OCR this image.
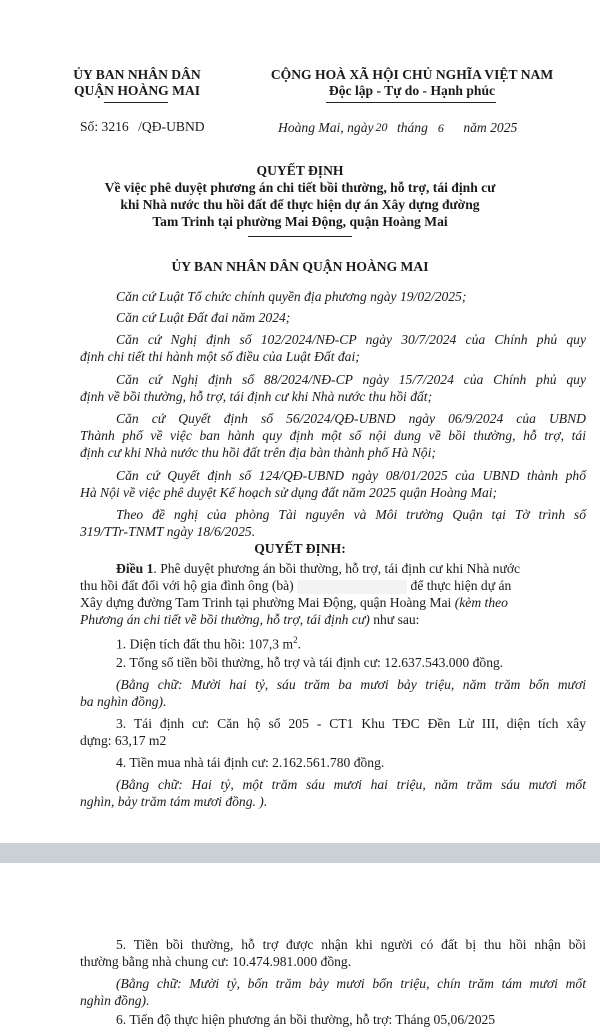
ỦY BAN NHÂN DÂN
QUẬN HOÀNG MAI
CỘNG HOÀ XÃ HỘI CHỦ NGHĨA VIỆT NAM
Độc lập - Tự do - Hạnh phúc
Số: 3216 /QĐ-UBND	Hoàng Mai, ngày 20 tháng 6 năm 2025
QUYẾT ĐỊNH
Về việc phê duyệt phương án chi tiết bồi thường, hỗ trợ, tái định cư
khi Nhà nước thu hồi đất để thực hiện dự án Xây dựng đường
Tam Trinh tại phường Mai Động, quận Hoàng Mai
ỦY BAN NHÂN DÂN QUẬN HOÀNG MAI
Căn cứ Luật Tổ chức chính quyền địa phương ngày 19/02/2025;
Căn cứ Luật Đất đai năm 2024;
Căn cứ Nghị định số 102/2024/NĐ-CP ngày 30/7/2024 của Chính phủ quy
định chi tiết thi hành một số điều của Luật Đất đai;
Căn cứ Nghị định số 88/2024/NĐ-CP ngày 15/7/2024 của Chính phủ quy
định về bồi thường, hỗ trợ, tái định cư khi Nhà nước thu hồi đất;
Căn cứ Quyết định số 56/2024/QĐ-UBND ngày 06/9/2024 của UBND
Thành phố về việc ban hành quy định một số nội dung về bồi thường, hỗ trợ, tái
định cư khi Nhà nước thu hồi đất trên địa bàn thành phố Hà Nội;
Căn cứ Quyết định số 124/QĐ-UBND ngày 08/01/2025 của UBND thành phố
Hà Nội về việc phê duyệt Kế hoạch sử dụng đất năm 2025 quận Hoàng Mai;
Theo đề nghị của phòng Tài nguyên và Môi trường Quận tại Tờ trình số
319/TTr-TNMT ngày 18/6/2025.
QUYẾT ĐỊNH:
Điều 1. Phê duyệt phương án bồi thường, hỗ trợ, tái định cư khi Nhà nước
thu hồi đất đối với hộ gia đình ông (bà)	để thực hiện dự án
Xây dựng đường Tam Trinh tại phường Mai Động, quận Hoàng Mai (kèm theo
Phương án chi tiết về bồi thường, hỗ trợ, tái định cư) như sau:
1. Diện tích đất thu hồi: 107,3 $m^2$.
2. Tổng số tiền bồi thường, hỗ trợ và tái định cư: 12.637.543.000 đồng.
(Bằng chữ: Mười hai tỷ, sáu trăm ba mươi bảy triệu, năm trăm bốn mươi
ba nghìn đồng).
3. Tái định cư: Căn hộ số 205 - CT1 Khu TĐC Đền Lừ III, diện tích xây
dựng: 63,17 m2
4. Tiền mua nhà tái định cư: 2.162.561.780 đồng.
(Bằng chữ: Hai tỷ, một trăm sáu mươi hai triệu, năm trăm sáu mươi mốt
nghìn, bảy trăm tám mươi đồng. ).
5. Tiền bồi thường, hỗ trợ được nhận khi người có đất bị thu hồi nhận bồi
thường bằng nhà chung cư: 10.474.981.000 đồng.
(Bằng chữ: Mười tỷ, bốn trăm bảy mươi bốn triệu, chín trăm tám mươi mốt
nghìn đồng).
6. Tiến độ thực hiện phương án bồi thường, hỗ trợ: Tháng 05,06/2025
